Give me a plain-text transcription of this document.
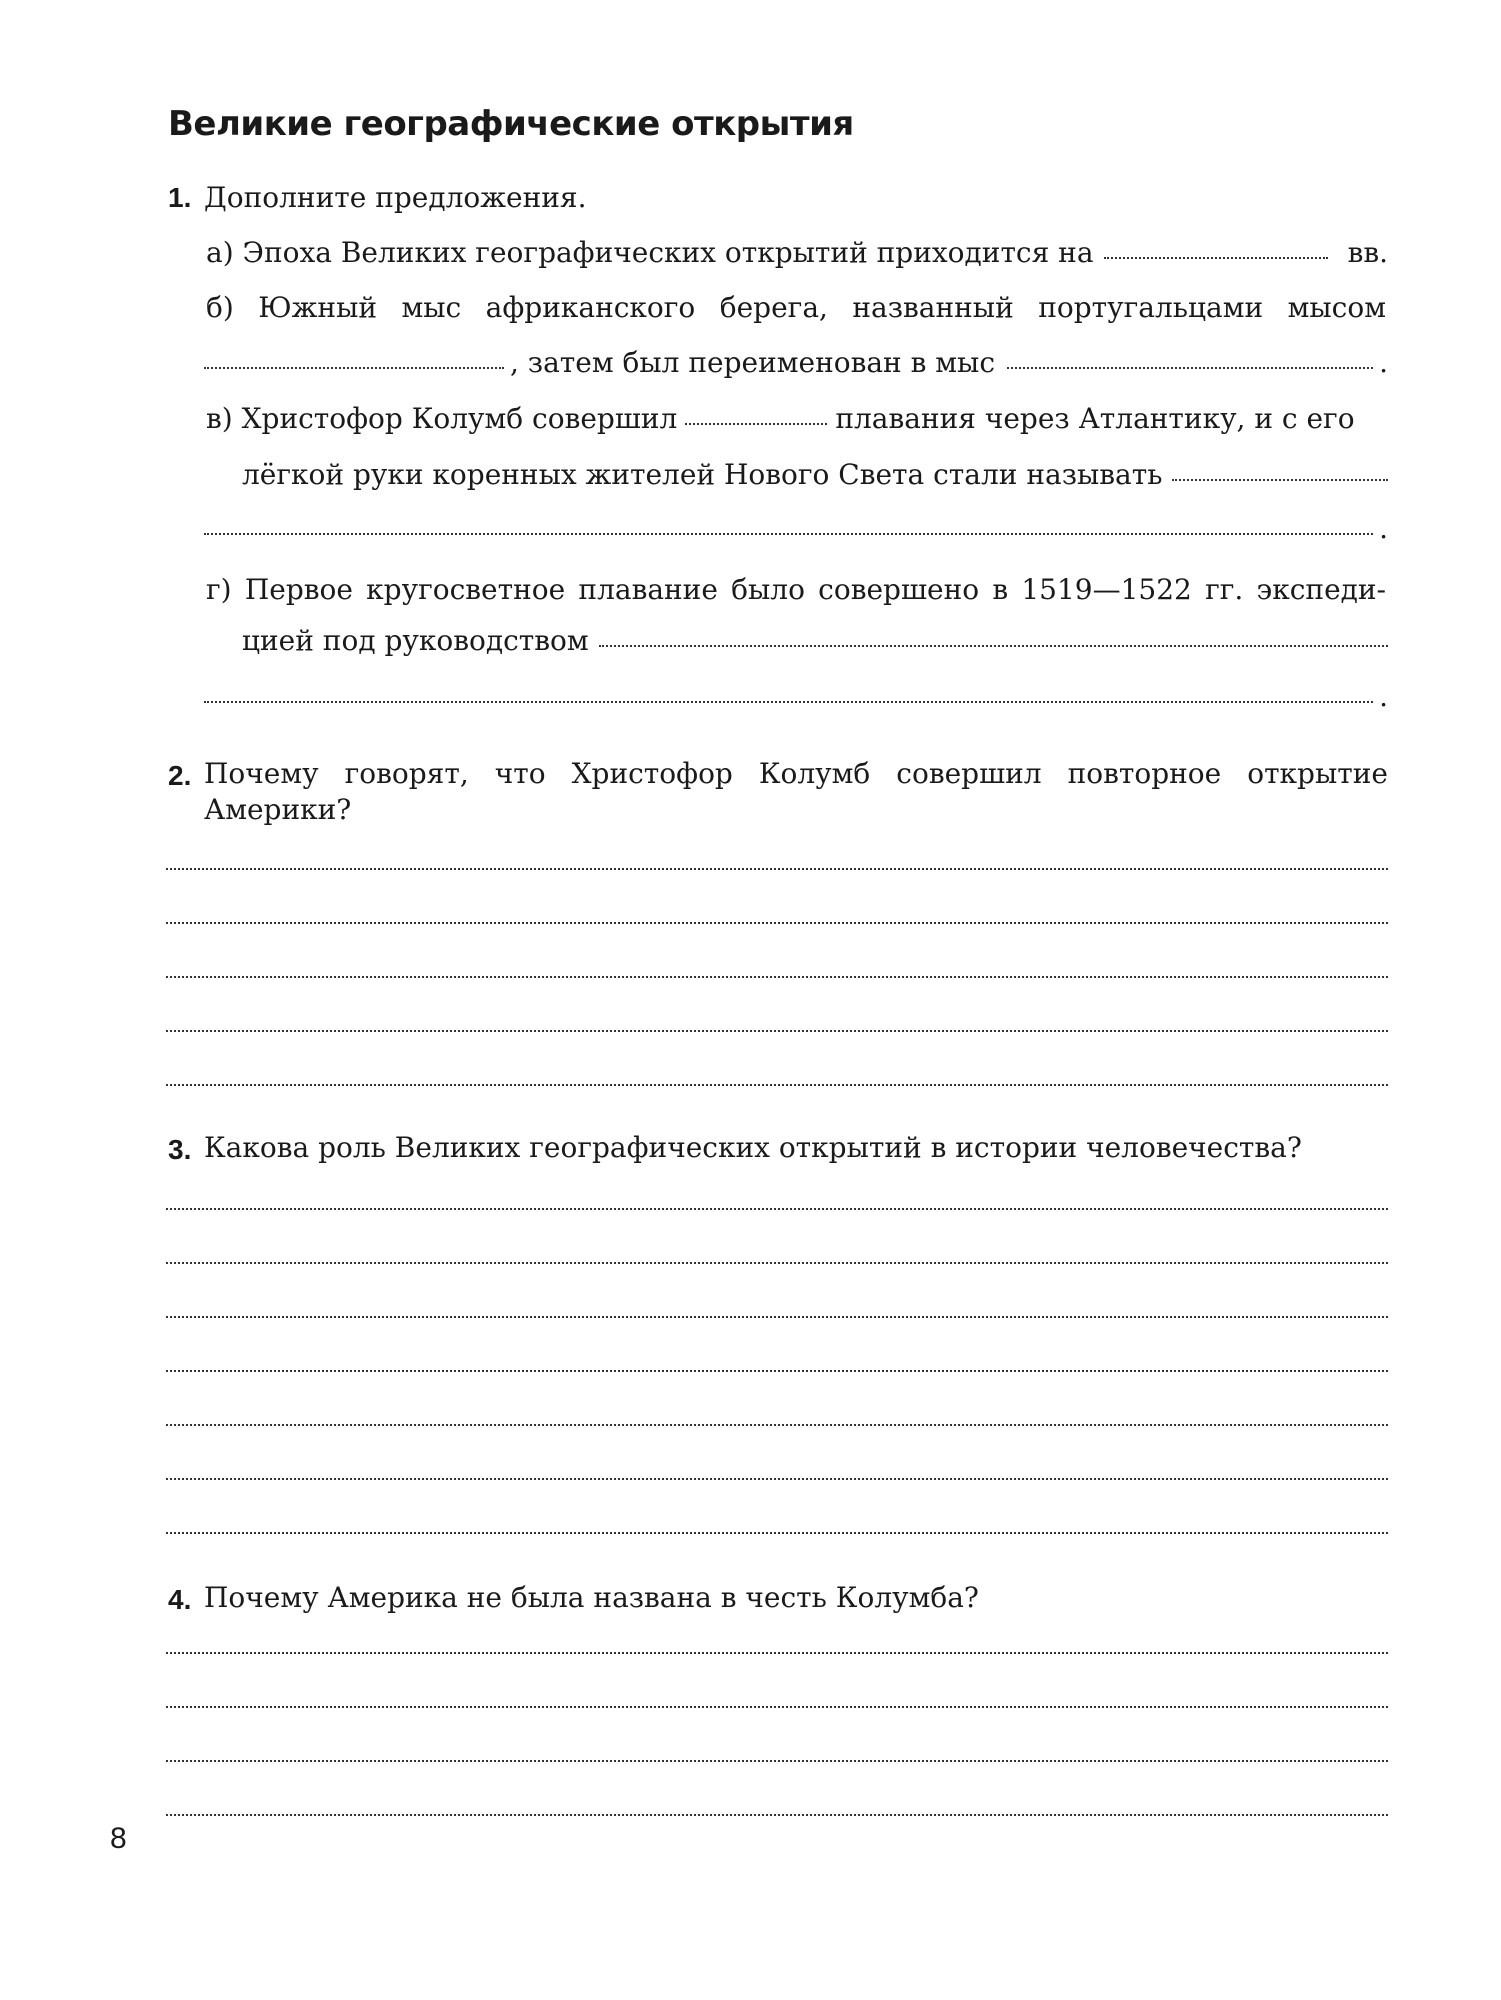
Великие географические открытия
1. Дополните предложения.
а) Эпоха Великих географических открытий приходится на	вв.
б) Южный мыс африканского берега, названный португальцами мысом
, затем был переименован в мыс	.
в) Христофор Колумб совершил	плавания через Атлантику, и с его
лёгкой руки коренных жителей Нового Света стали называть
.
г) Первое кругосветное плавание было совершено в 1519—1522 гг. экспеди-
цией под руководством
.
2. Почему говорят, что Христофор Колумб совершил повторное открытие
Америки?
3. Какова роль Великих географических открытий в истории человечества?
4. Почему Америка не была названа в честь Колумба?
8
